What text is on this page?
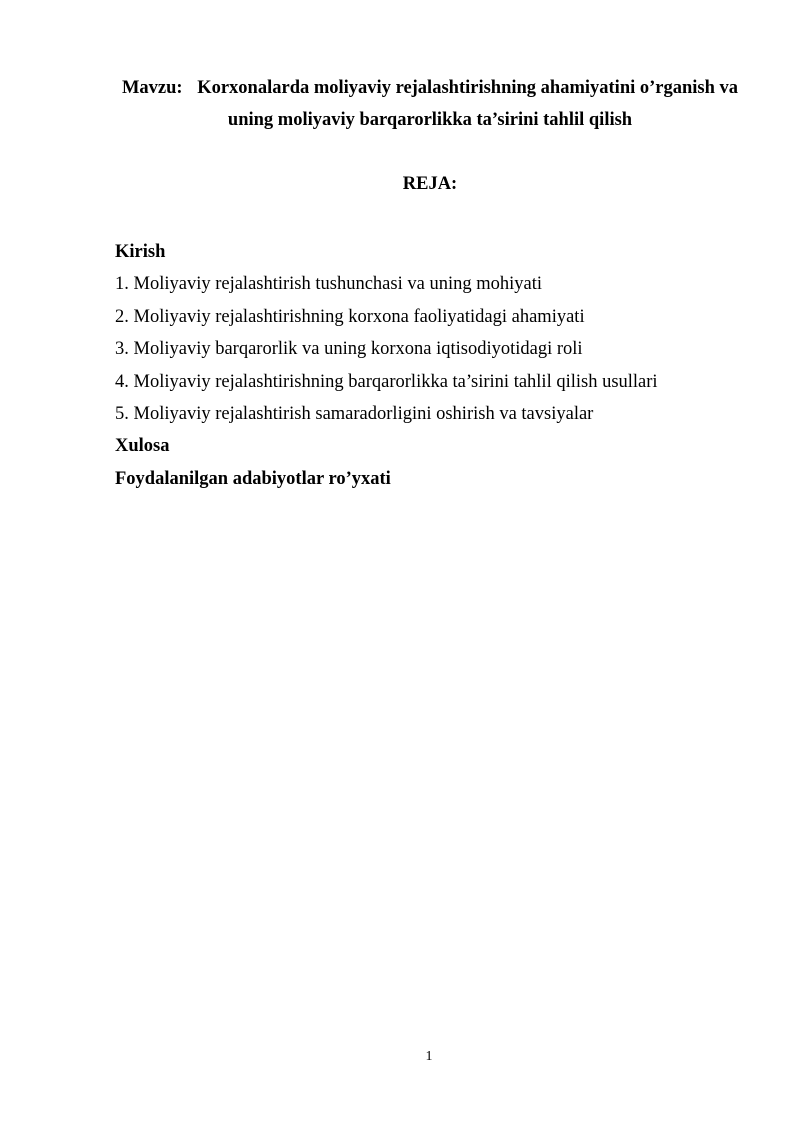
Mavzu: Korxonalarda moliyaviy rejalashtirishning ahamiyatini o’rganish va uning moliyaviy barqarorlikka ta’sirini tahlil qilish
REJA:
Kirish
1. Moliyaviy rejalashtirish tushunchasi va uning mohiyati
2. Moliyaviy rejalashtirishning korxona faoliyatidagi ahamiyati
3. Moliyaviy barqarorlik va uning korxona iqtisodiyotidagi roli
4. Moliyaviy rejalashtirishning barqarorlikka ta’sirini tahlil qilish usullari
5. Moliyaviy rejalashtirish samaradorligini oshirish va tavsiyalar
Xulosa
Foydalanilgan adabiyotlar ro’yxati
1
